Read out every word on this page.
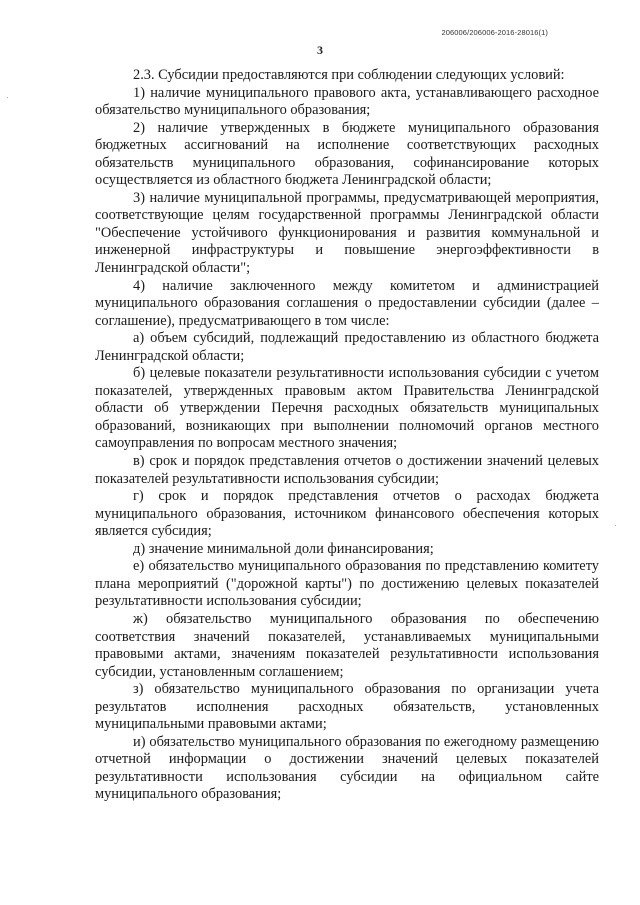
206006/206006-2016-28016(1)
3
·
·

2.3. Субсидии предоставляются при соблюдении следующих условий:

1) наличие муниципального правового акта, устанавливающего расходное обязательство муниципального образования;

2) наличие утвержденных в бюджете муниципального образования бюджетных ассигнований на исполнение соответствующих расходных обязательств муниципального образования, софинансирование которых осуществляется из областного бюджета Ленинградской области;

3) наличие муниципальной программы, предусматривающей мероприятия, соответствующие целям государственной программы Ленинградской области "Обеспечение устойчивого функционирования и развития коммунальной и инженерной инфраструктуры и повышение энергоэффективности в Ленинградской области";

4) наличие заключенного между комитетом и администрацией муниципального образования соглашения о предоставлении субсидии (далее – соглашение), предусматривающего в том числе:

а) объем субсидий, подлежащий предоставлению из областного бюджета Ленинградской области;

б) целевые показатели результативности использования субсидии с учетом показателей, утвержденных правовым актом Правительства Ленинградской области об утверждении Перечня расходных обязательств муниципальных образований, возникающих при выполнении полномочий органов местного самоуправления по вопросам местного значения;

в) срок и порядок представления отчетов о достижении значений целевых показателей результативности использования субсидии;

г) срок и порядок представления отчетов о расходах бюджета муниципального образования, источником финансового обеспечения которых является субсидия;

д) значение минимальной доли финансирования;

е) обязательство муниципального образования по представлению комитету плана мероприятий ("дорожной карты") по достижению целевых показателей результативности использования субсидии;

ж) обязательство муниципального образования по обеспечению соответствия значений показателей, устанавливаемых муниципальными правовыми актами, значениям показателей результативности использования субсидии, установленным соглашением;

з) обязательство муниципального образования по организации учета результатов исполнения расходных обязательств, установленных муниципальными правовыми актами;

и) обязательство муниципального образования по ежегодному размещению отчетной информации о достижении значений целевых показателей результативности использования субсидии на официальном сайте муниципального образования;
